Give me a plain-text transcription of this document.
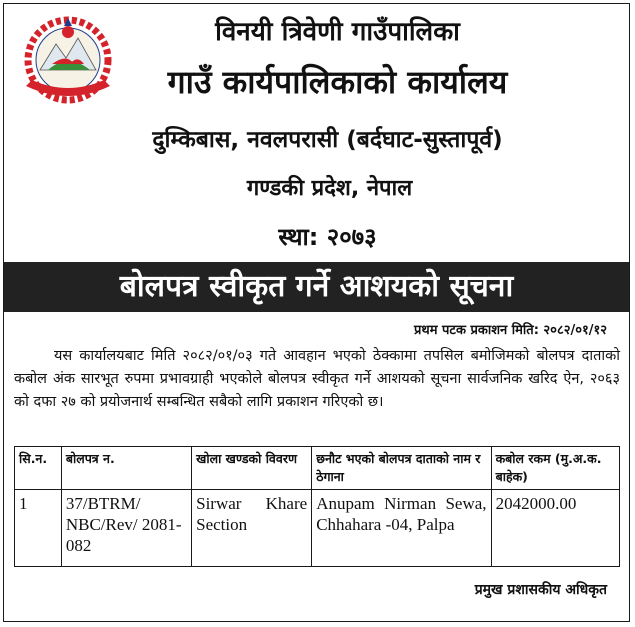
विनयी त्रिवेणी गाउँपालिका
गाउँ कार्यपालिकाको कार्यालय
दुम्किबास, नवलपरासी (बर्दघाट-सुस्तापूर्व)
गण्डकी प्रदेश, नेपाल
स्था: २०७३
बोलपत्र स्वीकृत गर्ने आशयको सूचना
प्रथम पटक प्रकाशन मिति: २०८२/०१/१२
यस कार्यालयबाट मिति २०८२/०१/०३ गते आवहान भएको ठेक्कामा तपसिल बमोजिमको बोलपत्र दाताको कबोल अंक सारभूत रुपमा प्रभावग्राही भएकोले बोलपत्र स्वीकृत गर्ने आशयको सूचना सार्वजनिक खरिद ऐन, २०६३ को दफा २७ को प्रयोजनार्थ सम्बन्धित सबैको लागि प्रकाशन गरिएको छ।
सि.न.	बोलपत्र न.	खोला खण्डको विवरण	छनौट भएको बोलपत्र दाताको नाम र ठेगाना	कबोल रकम (मु.अ.क. बाहेक)
1	37/BTRM/ NBC/Rev/ 2081-082	Sirwar Khare Section	Anupam Nirman Sewa, Chhahara -04, Palpa	2042000.00
प्रमुख प्रशासकीय अधिकृत
